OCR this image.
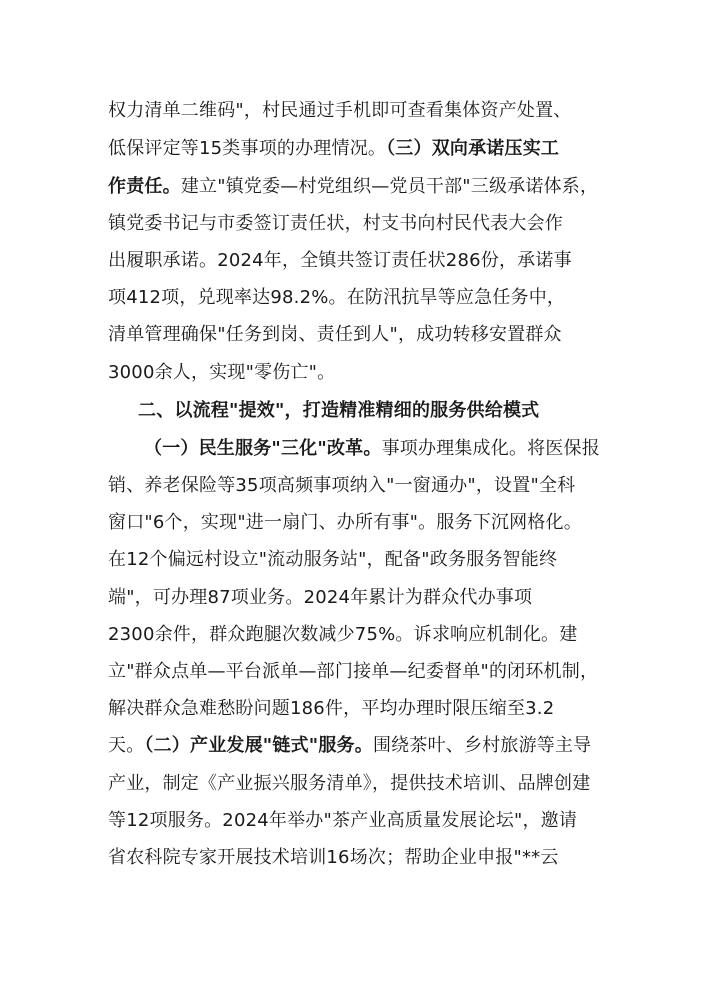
权力清单二维码"，村民通过手机即可查看集体资产处置、
低保评定等15类事项的办理情况。（三）双向承诺压实工
作责任。建立"镇党委—村党组织—党员干部"三级承诺体系，
镇党委书记与市委签订责任状，村支书向村民代表大会作
出履职承诺。2024年，全镇共签订责任状286份，承诺事
项412项，兑现率达98.2%。在防汛抗旱等应急任务中，
清单管理确保"任务到岗、责任到人"，成功转移安置群众
3000余人，实现"零伤亡"。
二、以流程"提效"，打造精准精细的服务供给模式
（一）民生服务"三化"改革。事项办理集成化。将医保报
销、养老保险等35项高频事项纳入"一窗通办"，设置"全科
窗口"6个，实现"进一扇门、办所有事"。服务下沉网格化。
在12个偏远村设立"流动服务站"，配备"政务服务智能终
端"，可办理87项业务。2024年累计为群众代办事项
2300余件，群众跑腿次数减少75%。诉求响应机制化。建
立"群众点单—平台派单—部门接单—纪委督单"的闭环机制，
解决群众急难愁盼问题186件，平均办理时限压缩至3.2
天。（二）产业发展"链式"服务。围绕茶叶、乡村旅游等主导
产业，制定《产业振兴服务清单》，提供技术培训、品牌创建
等12项服务。2024年举办"茶产业高质量发展论坛"，邀请
省农科院专家开展技术培训16场次；帮助企业申报"**云
